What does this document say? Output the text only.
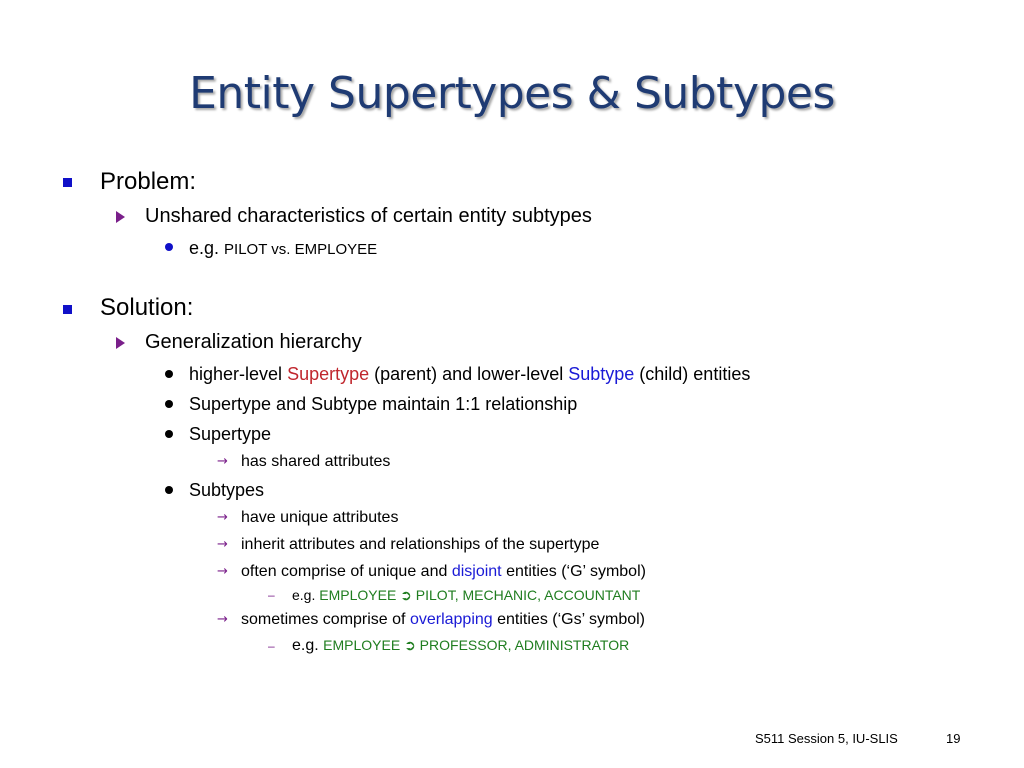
Entity Supertypes & Subtypes
Problem:
Unshared characteristics of certain entity subtypes
e.g. PILOT vs. EMPLOYEE
Solution:
Generalization hierarchy
higher-level Supertype (parent) and lower-level Subtype (child) entities
Supertype and Subtype maintain 1:1 relationship
Supertype
→ has shared attributes
Subtypes
→ have unique attributes
→ inherit attributes and relationships of the supertype
→ often comprise of unique and disjoint entities (‘G’ symbol)
– e.g. EMPLOYEE ➲ PILOT, MECHANIC, ACCOUNTANT
→ sometimes comprise of overlapping entities (‘Gs’ symbol)
– e.g. EMPLOYEE ➲ PROFESSOR, ADMINISTRATOR
S511 Session 5, IU-SLIS	19
